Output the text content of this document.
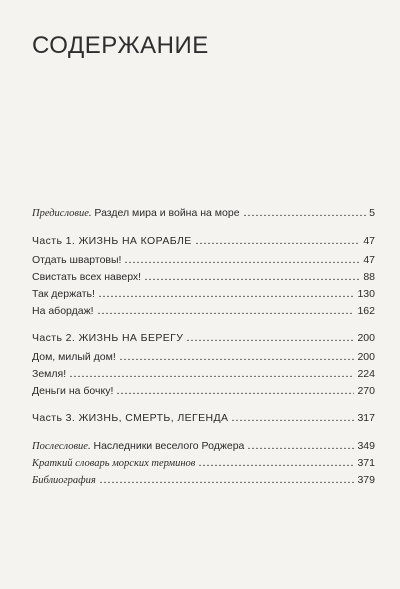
СОДЕРЖАНИЕ
Предисловие. Раздел мира и война на море	5
Часть 1. ЖИЗНЬ НА КОРАБЛЕ	47
Отдать швартовы!	47
Свистать всех наверх!	88
Так держать!	130
На абордаж!	162
Часть 2. ЖИЗНЬ НА БЕРЕГУ	200
Дом, милый дом!	200
Земля!	224
Деньги на бочку!	270
Часть 3. ЖИЗНЬ, СМЕРТЬ, ЛЕГЕНДА	317
Послесловие. Наследники веселого Роджера	349
Краткий словарь морских терминов	371
Библиография	379
